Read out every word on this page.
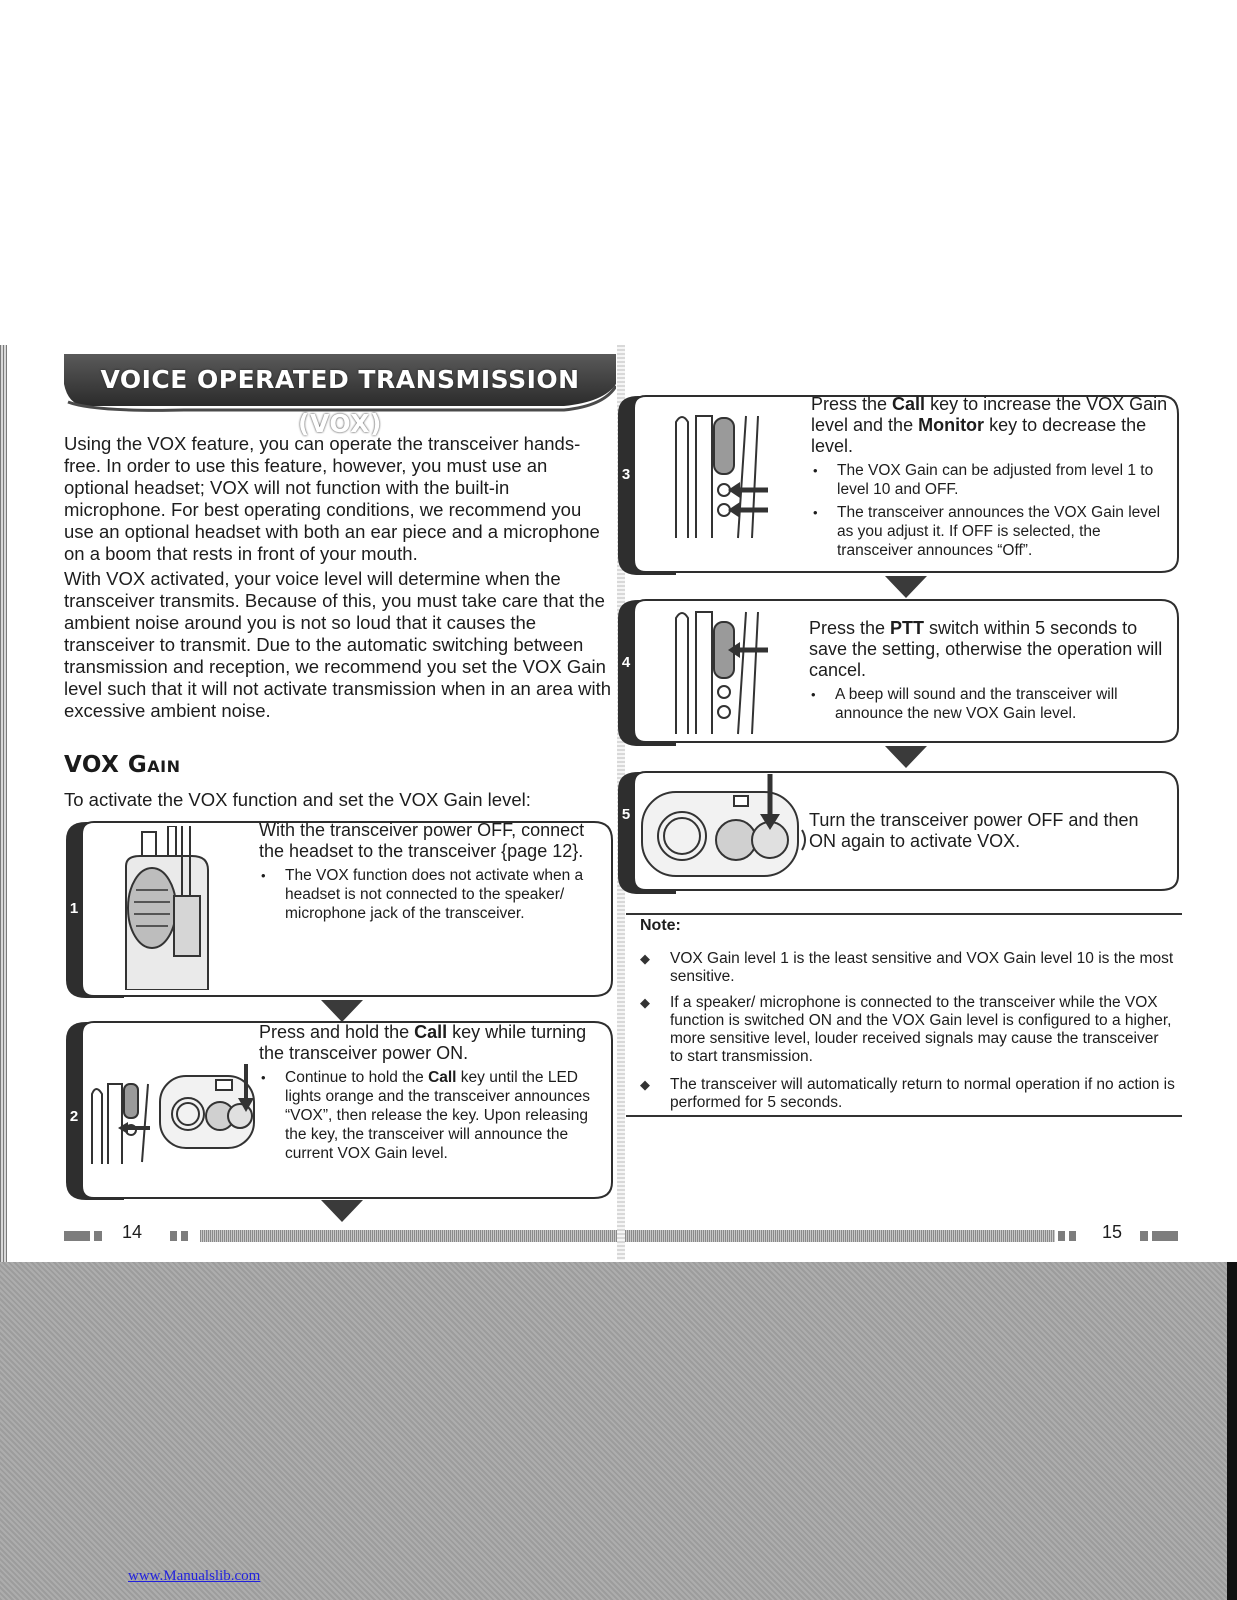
VOICE OPERATED TRANSMISSION (VOX)

Using the VOX feature, you can operate the transceiver hands-free. In order to use this feature, however, you must use an optional headset; VOX will not function with the built-in microphone. For best operating conditions, we recommend you use an optional headset with both an ear piece and a microphone on a boom that rests in front of your mouth.

With VOX activated, your voice level will determine when the transceiver transmits. Because of this, you must take care that the ambient noise around you is not so loud that it causes the transceiver to transmit. Due to the automatic switching between transmission and reception, we recommend you set the VOX Gain level such that it will not activate transmission when in an area with excessive ambient noise.

VOX GAIN
To activate the VOX function and set the VOX Gain level:
1
With the transceiver power OFF, connect the headset to the transceiver {page 12}.
• The VOX function does not activate when a headset is not connected to the speaker/ microphone jack of the transceiver.
2
Press and hold the Call key while turning the transceiver power ON.
• Continue to hold the Call key until the LED lights orange and the transceiver announces “VOX”, then release the key. Upon releasing the key, the transceiver will announce the current VOX Gain level.
3
Press the Call key to increase the VOX Gain level and the Monitor key to decrease the level.
• The VOX Gain can be adjusted from level 1 to level 10 and OFF.
• The transceiver announces the VOX Gain level as you adjust it. If OFF is selected, the transceiver announces “Off”.
4
Press the PTT switch within 5 seconds to save the setting, otherwise the operation will cancel.
• A beep will sound and the transceiver will announce the new VOX Gain level.
5	Turn the transceiver power OFF and then ON again to activate VOX.
Note:
◆ VOX Gain level 1 is the least sensitive and VOX Gain level 10 is the most sensitive.
◆ If a speaker/ microphone is connected to the transceiver while the VOX function is switched ON and the VOX Gain level is configured to a higher, more sensitive level, louder received signals may cause the transceiver to start transmission.
◆ The transceiver will automatically return to normal operation if no action is performed for 5 seconds.
14	15
www.Manualslib.com
